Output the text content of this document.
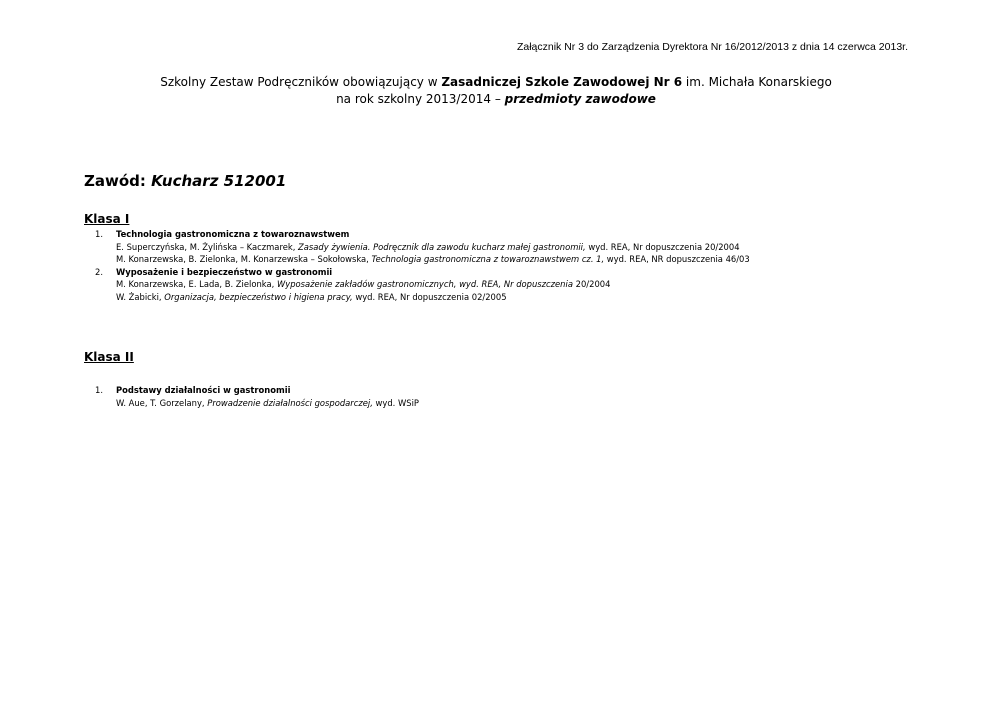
Załącznik Nr 3 do Zarządzenia Dyrektora Nr 16/2012/2013 z dnia 14 czerwca 2013r.
Szkolny Zestaw Podręczników obowiązujący w Zasadniczej Szkole Zawodowej Nr 6 im. Michała Konarskiego
na rok szkolny 2013/2014 – przedmioty zawodowe
Zawód: Kucharz 512001
Klasa I
1. Technologia gastronomiczna z towaroznawstwem
E. Superczyńska, M. Żylińska – Kaczmarek, Zasady żywienia. Podręcznik dla zawodu kucharz małej gastronomii, wyd. REA, Nr dopuszczenia 20/2004
M. Konarzewska, B. Zielonka, M. Konarzewska – Sokołowska, Technologia gastronomiczna z towaroznawstwem cz. 1, wyd. REA, NR dopuszczenia 46/03
2. Wyposażenie i bezpieczeństwo w gastronomii
M. Konarzewska, E. Lada, B. Zielonka, Wyposażenie zakładów gastronomicznych, wyd. REA, Nr dopuszczenia 20/2004
W. Żabicki, Organizacja, bezpieczeństwo i higiena pracy, wyd. REA, Nr dopuszczenia 02/2005
Klasa II
1. Podstawy działalności w gastronomii
W. Aue, T. Gorzelany, Prowadzenie działalności gospodarczej, wyd. WSiP
